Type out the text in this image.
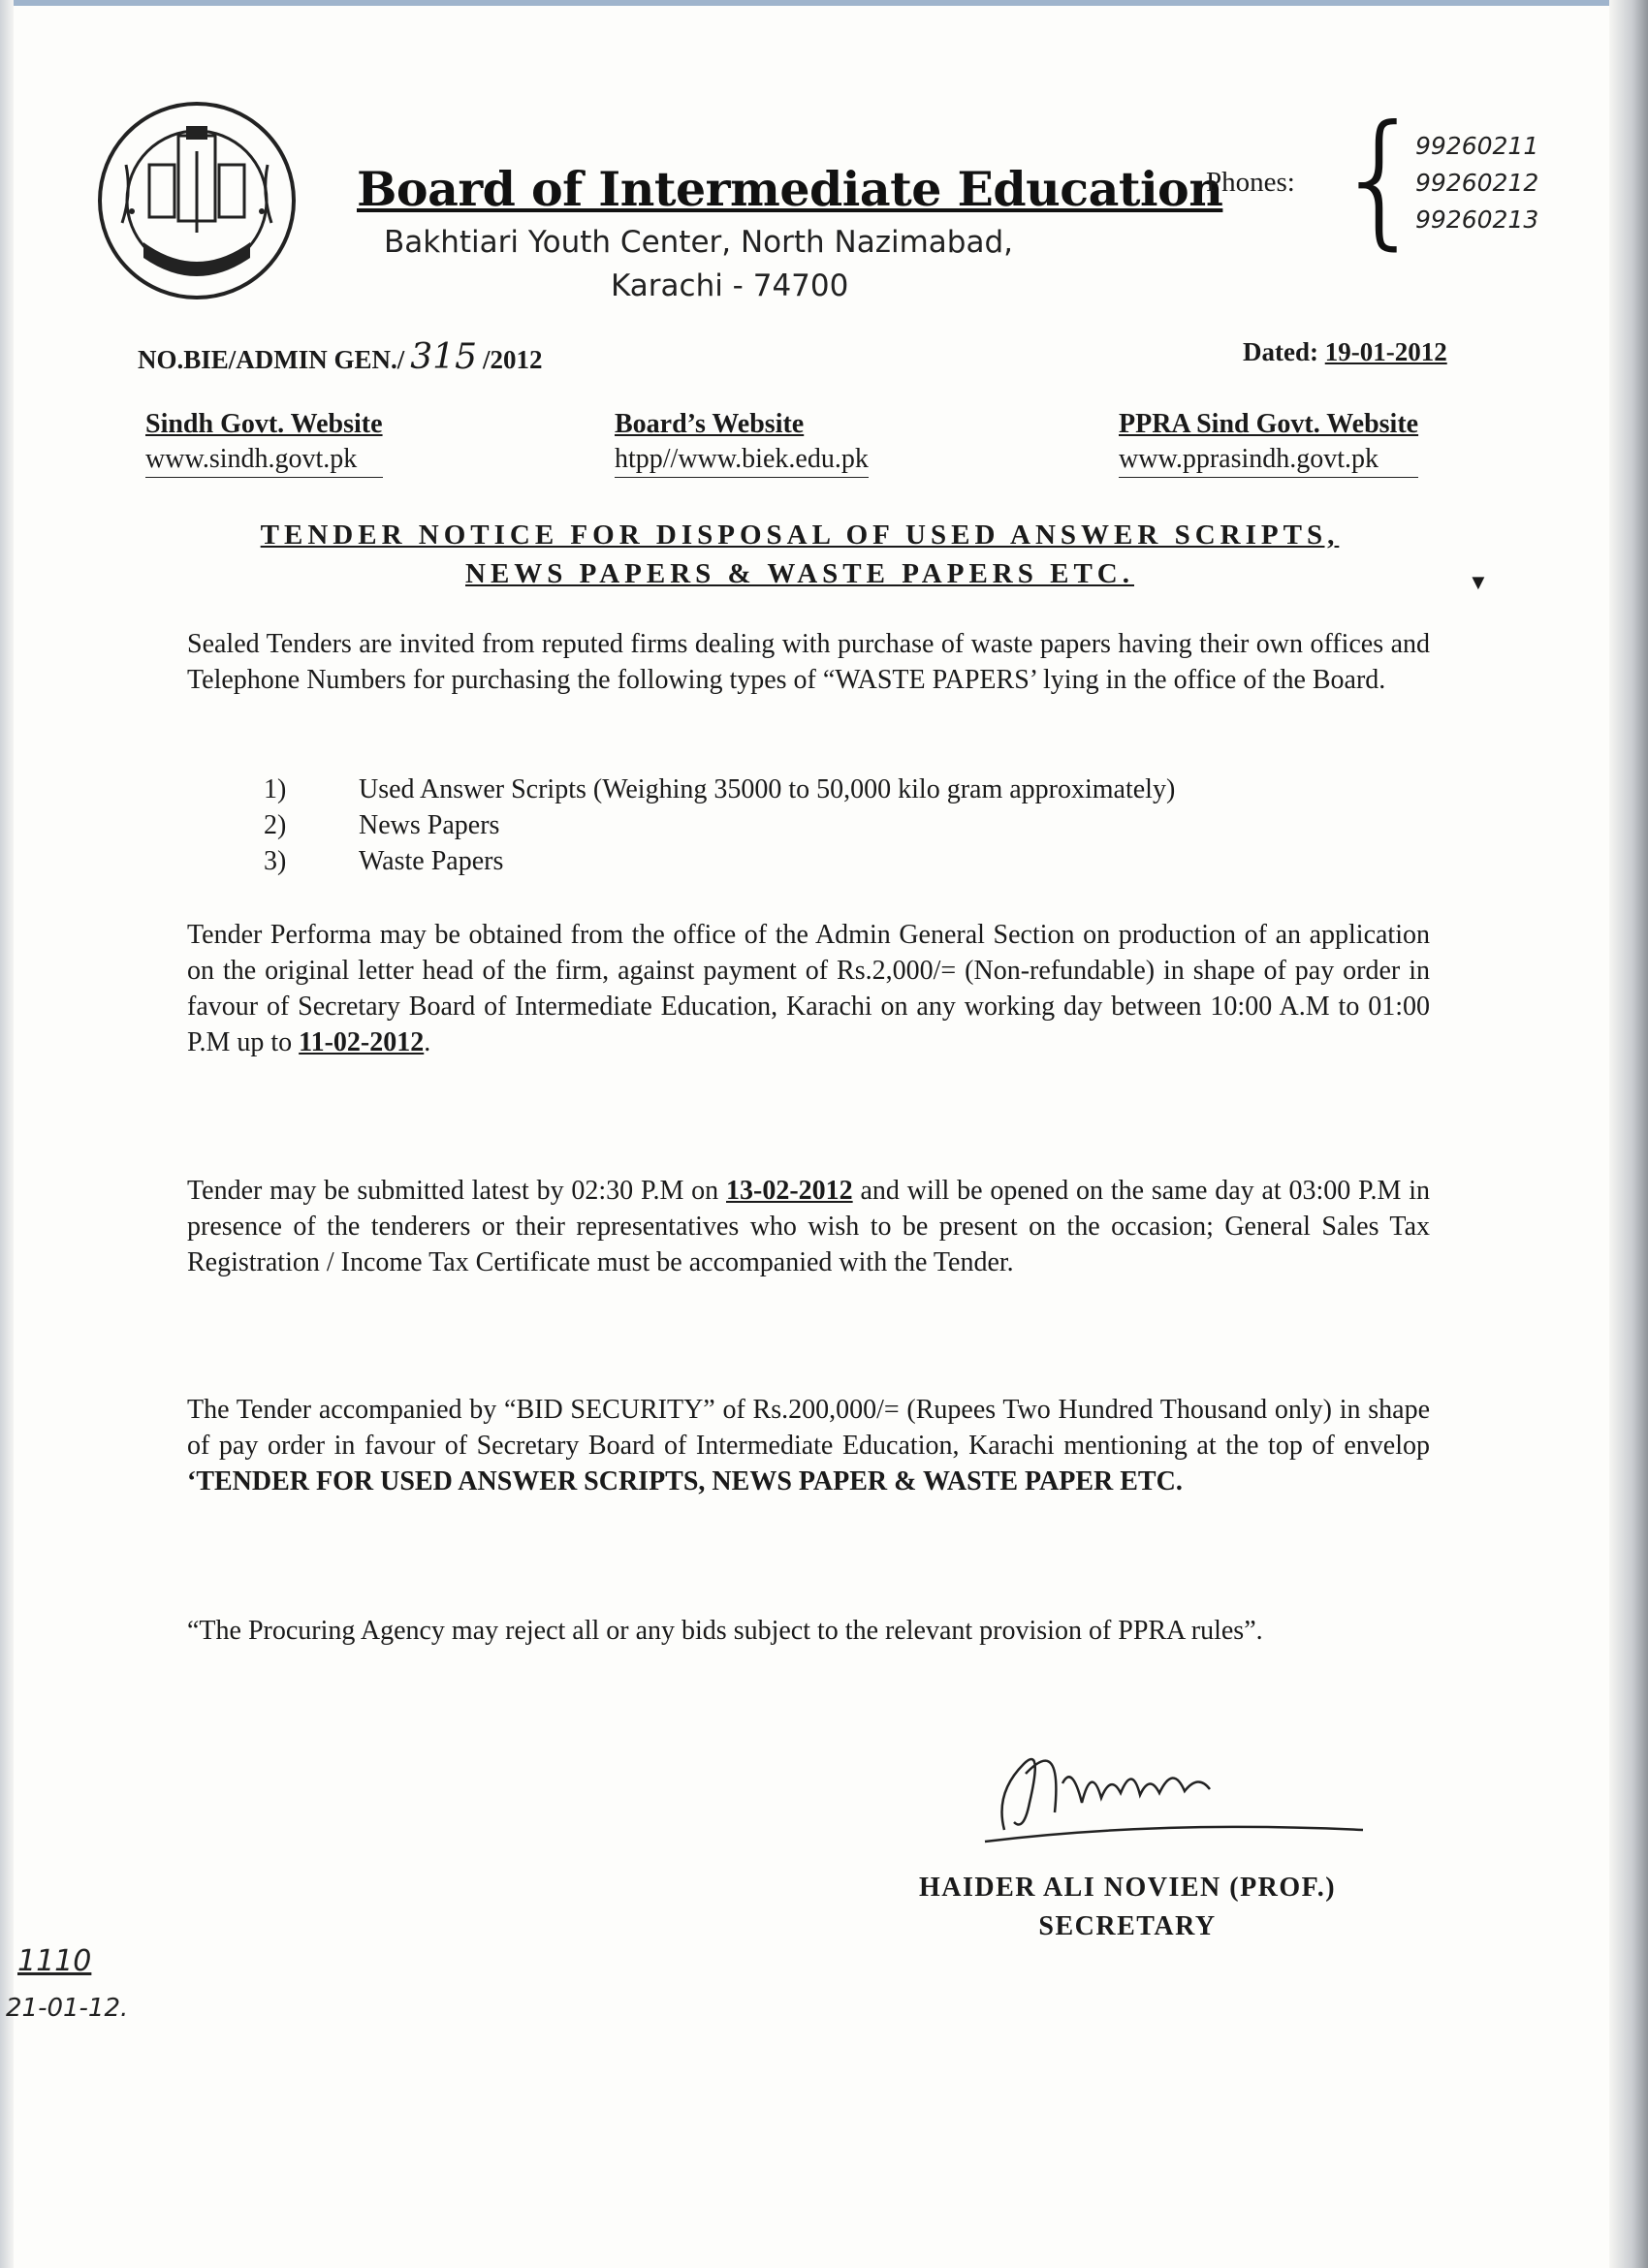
Board of Intermediate Education
Bakhtiari Youth Center, North Nazimabad,
Karachi - 74700
Phones: {
99260211
99260212
99260213
NO.BIE/ADMIN GEN./ 315 /2012	Dated: 19-01-2012
Sindh Govt. Website
www.sindh.govt.pk
Board’s Website
htpp//www.biek.edu.pk
PPRA Sind Govt. Website
www.pprasindh.govt.pk
TENDER NOTICE FOR DISPOSAL OF USED ANSWER SCRIPTS,
NEWS PAPERS & WASTE PAPERS ETC.	▼
Sealed Tenders are invited from reputed firms dealing with purchase of waste papers having their own offices and Telephone Numbers for purchasing the following types of “WASTE PAPERS’ lying in the office of the Board.
1)	Used Answer Scripts (Weighing 35000 to 50,000 kilo gram approximately)
2)	News Papers
3)	Waste Papers
Tender Performa may be obtained from the office of the Admin General Section on production of an application on the original letter head of the firm, against payment of Rs.2,000/= (Non-refundable) in shape of pay order in favour of Secretary Board of Intermediate Education, Karachi on any working day between 10:00 A.M to 01:00 P.M up to 11-02-2012.
Tender may be submitted latest by 02:30 P.M on 13-02-2012 and will be opened on the same day at 03:00 P.M in presence of the tenderers or their representatives who wish to be present on the occasion; General Sales Tax Registration / Income Tax Certificate must be accompanied with the Tender.
The Tender accompanied by “BID SECURITY” of Rs.200,000/= (Rupees Two Hundred Thousand only) in shape of pay order in favour of Secretary Board of Intermediate Education, Karachi mentioning at the top of envelop ‘TENDER FOR USED ANSWER SCRIPTS, NEWS PAPER & WASTE PAPER ETC.
“The Procuring Agency may reject all or any bids subject to the relevant provision of PPRA rules”.
HAIDER ALI NOVIEN (PROF.)
SECRETARY
1110
21-01-12.
